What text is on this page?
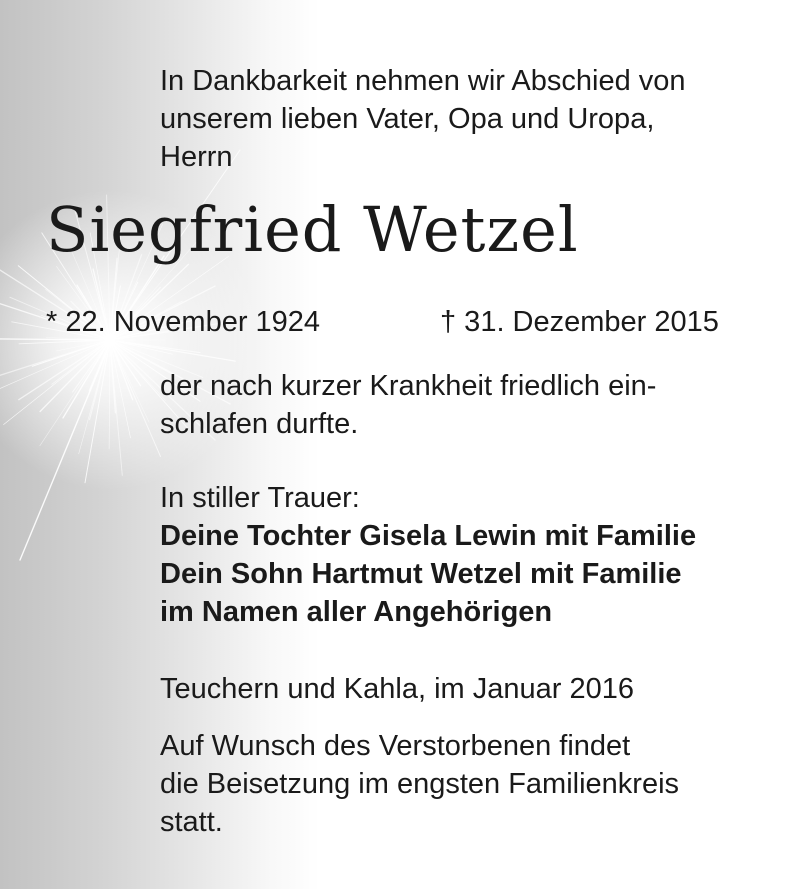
In Dankbarkeit nehmen wir Abschied von
unserem lieben Vater, Opa und Uropa,
Herrn

Siegfried Wetzel

* 22. November 1924	† 31. Dezember 2015

der nach kurzer Krankheit friedlich ein-
schlafen durfte.

In stiller Trauer:

Deine Tochter Gisela Lewin mit Familie
Dein Sohn Hartmut Wetzel mit Familie
im Namen aller Angehörigen

Teuchern und Kahla, im Januar 2016

Auf Wunsch des Verstorbenen findet
die Beisetzung im engsten Familienkreis
statt.
